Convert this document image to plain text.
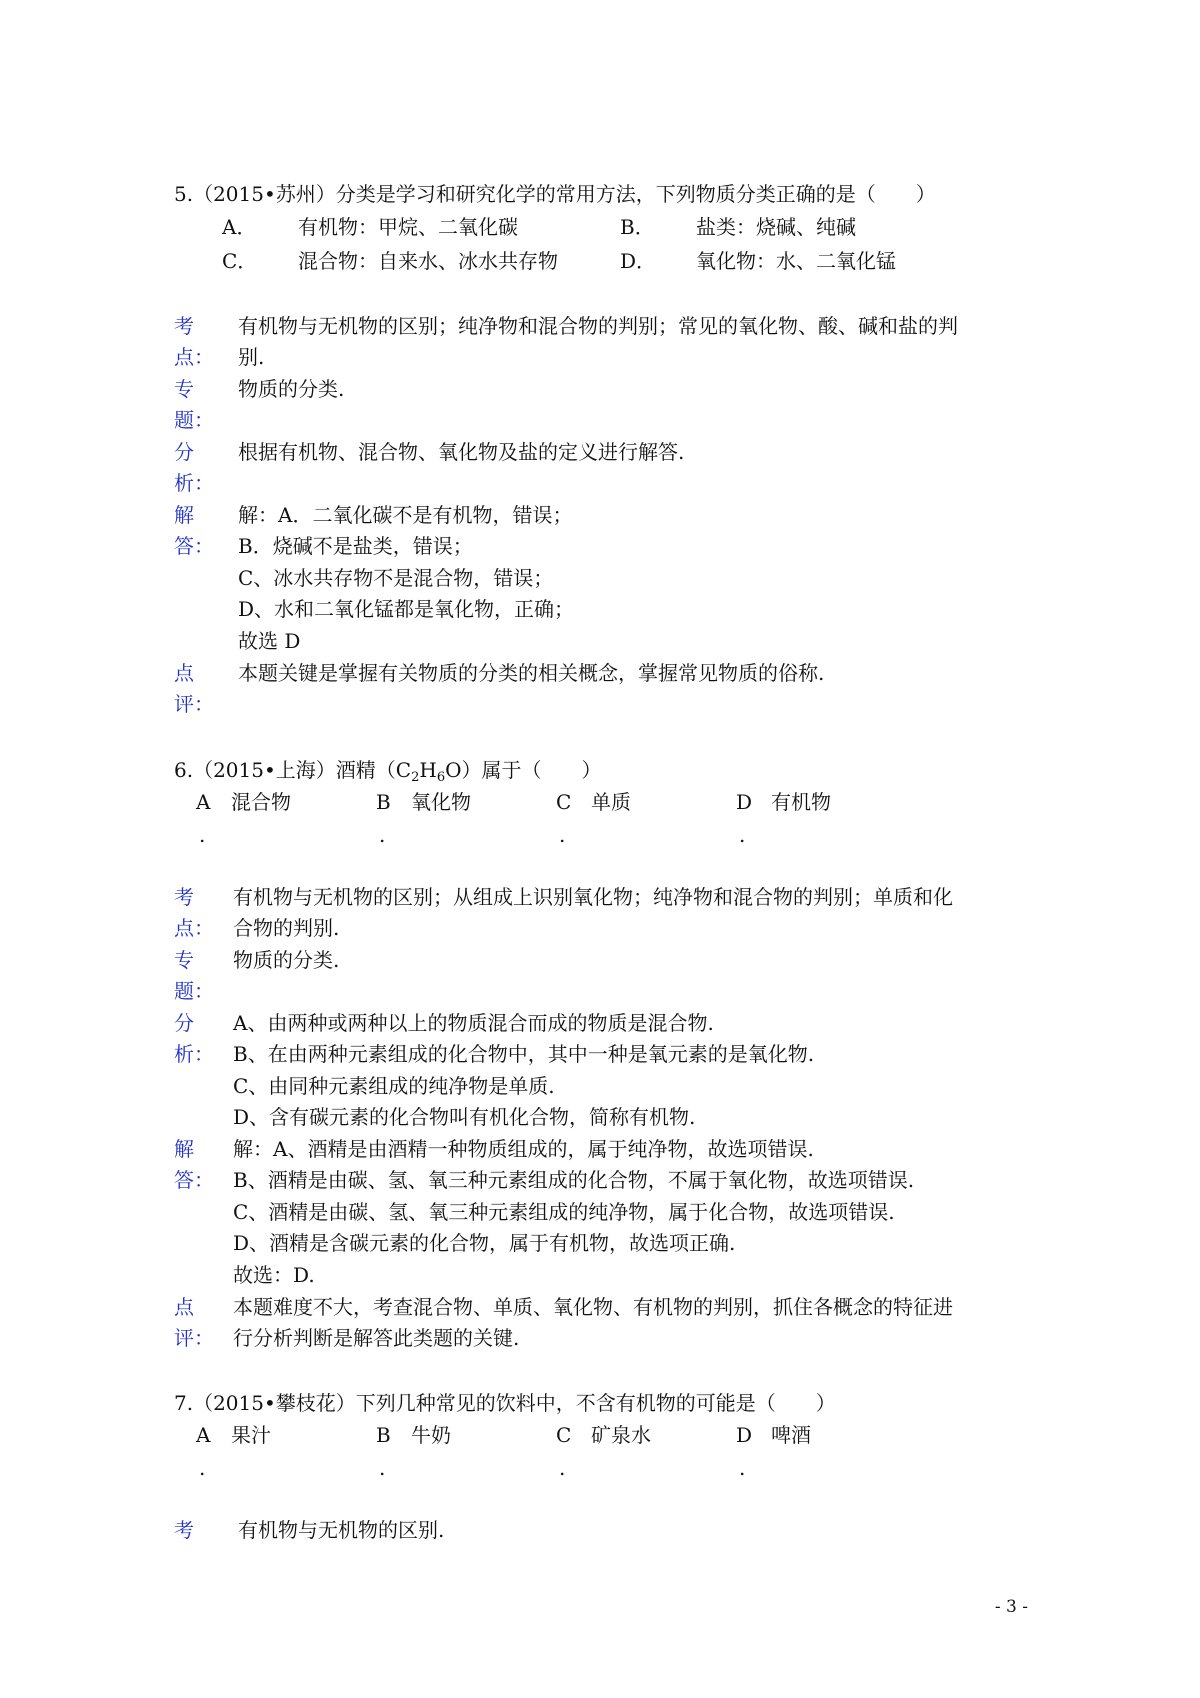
5.（2015•苏州）分类是学习和研究化学的常用方法，下列物质分类正确的是（　　）
A． 有机物：甲烷、二氧化碳	B． 盐类：烧碱、纯碱
C． 混合物：自来水、冰水共存物	D． 氧化物：水、二氧化锰
考
点：
有机物与无机物的区别；纯净物和混合物的判别；常见的氧化物、酸、碱和盐的判
别.
专
题：
物质的分类.
分
析：
根据有机物、混合物、氧化物及盐的定义进行解答.
解
答：
解：A．二氧化碳不是有机物，错误；
B．烧碱不是盐类，错误；
C、冰水共存物不是混合物，错误；
D、水和二氧化锰都是氧化物，正确；
故选 D
点
评：
本题关键是掌握有关物质的分类的相关概念，掌握常见物质的俗称.
6.（2015•上海）酒精$(C_2H_6O)$属于（　　）
A 混合物	B 氧化物	C 单质	D 有机物
.	.	.	.
考
点：
有机物与无机物的区别；从组成上识别氧化物；纯净物和混合物的判别；单质和化
合物的判别.
专
题：
物质的分类.
分
析：
A、由两种或两种以上的物质混合而成的物质是混合物.
B、在由两种元素组成的化合物中，其中一种是氧元素的是氧化物.
C、由同种元素组成的纯净物是单质.
D、含有碳元素的化合物叫有机化合物，简称有机物.
解
答：
解：A、酒精是由酒精一种物质组成的，属于纯净物，故选项错误.
B、酒精是由碳、氢、氧三种元素组成的化合物，不属于氧化物，故选项错误.
C、酒精是由碳、氢、氧三种元素组成的纯净物，属于化合物，故选项错误.
D、酒精是含碳元素的化合物，属于有机物，故选项正确.
故选：D.
点
评：
本题难度不大，考查混合物、单质、氧化物、有机物的判别，抓住各概念的特征进
行分析判断是解答此类题的关键.
7.（2015•攀枝花）下列几种常见的饮料中，不含有机物的可能是（　　）
A 果汁	B 牛奶	C 矿泉水	D 啤酒
.	.	.	.
考 有机物与无机物的区别.
- 3 -
